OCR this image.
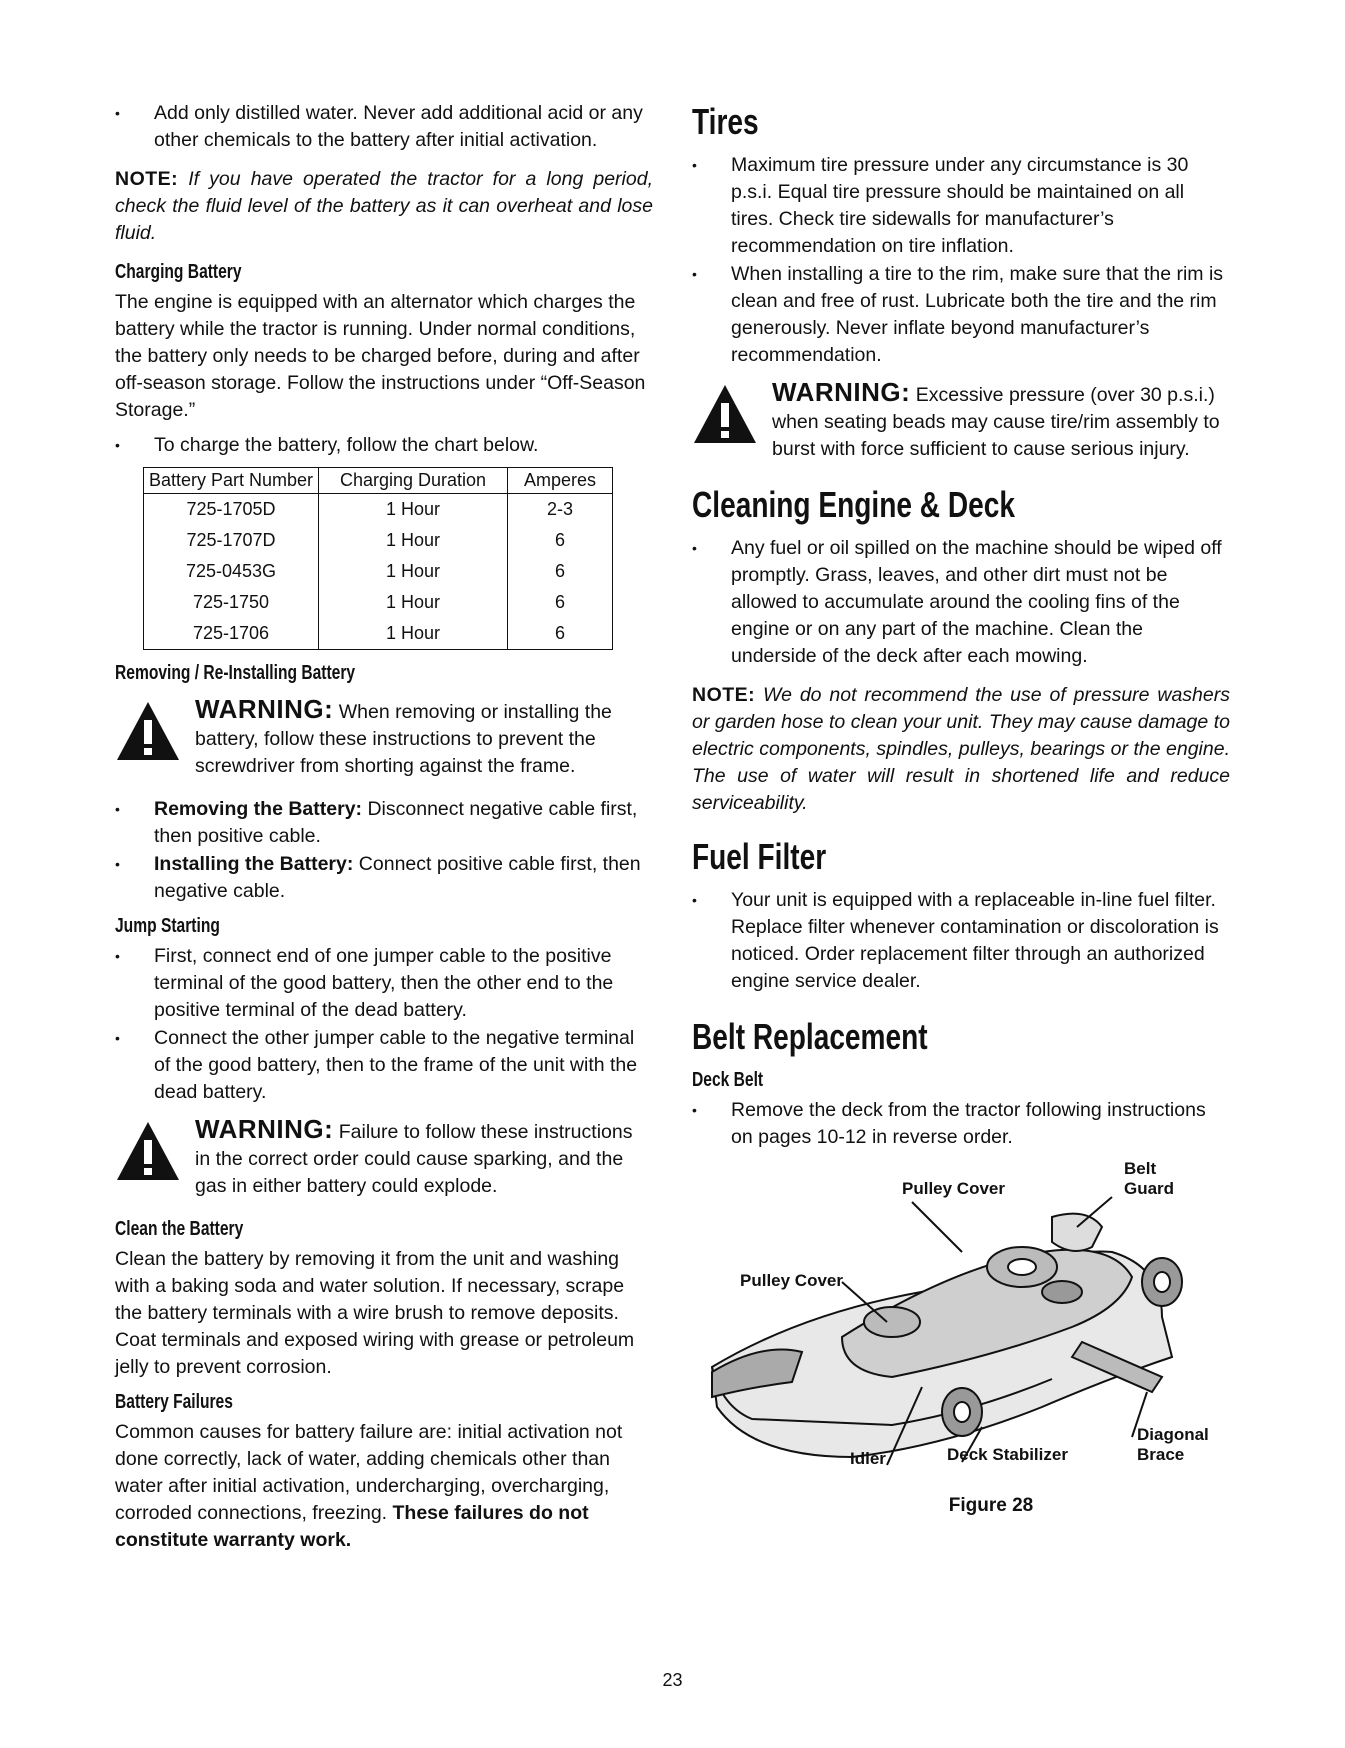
• Add only distilled water. Never add additional acid or any other chemicals to the battery after initial activation.

NOTE: If you have operated the tractor for a long period, check the fluid level of the battery as it can overheat and lose fluid.

Charging Battery

The engine is equipped with an alternator which charges the battery while the tractor is running. Under normal conditions, the battery only needs to be charged before, during and after off-season storage. Follow the instructions under “Off-Season Storage.”

• To charge the battery, follow the chart below.
Battery Part Number	Charging Duration	Amperes
725-1705D	1 Hour	2-3
725-1707D	1 Hour	6
725-0453G	1 Hour	6
725-1750	1 Hour	6
725-1706	1 Hour	6
Removing / Re-Installing Battery

WARNING: When removing or installing the battery, follow these instructions to prevent the screwdriver from shorting against the frame.

• Removing the Battery: Disconnect negative cable first, then positive cable.
• Installing the Battery: Connect positive cable first, then negative cable.
Jump Starting
• First, connect end of one jumper cable to the positive terminal of the good battery, then the other end to the positive terminal of the dead battery.
• Connect the other jumper cable to the negative terminal of the good battery, then to the frame of the unit with the dead battery.

WARNING: Failure to follow these instructions in the correct order could cause sparking, and the gas in either battery could explode.

Clean the Battery

Clean the battery by removing it from the unit and washing with a baking soda and water solution. If necessary, scrape the battery terminals with a wire brush to remove deposits. Coat terminals and exposed wiring with grease or petroleum jelly to prevent corrosion.

Battery Failures

Common causes for battery failure are: initial activation not done correctly, lack of water, adding chemicals other than water after initial activation, undercharging, overcharging, corroded connections, freezing. These failures do not constitute warranty work.

Tires
• Maximum tire pressure under any circumstance is 30 p.s.i. Equal tire pressure should be maintained on all tires. Check tire sidewalls for manufacturer’s recommendation on tire inflation.
• When installing a tire to the rim, make sure that the rim is clean and free of rust. Lubricate both the tire and the rim generously. Never inflate beyond manufacturer’s recommendation.

WARNING: Excessive pressure (over 30 p.s.i.) when seating beads may cause tire/rim assembly to burst with force sufficient to cause serious injury.

Cleaning Engine & Deck
• Any fuel or oil spilled on the machine should be wiped off promptly. Grass, leaves, and other dirt must not be allowed to accumulate around the cooling fins of the engine or on any part of the machine. Clean the underside of the deck after each mowing.

NOTE: We do not recommend the use of pressure washers or garden hose to clean your unit. They may cause damage to electric components, spindles, pulleys, bearings or the engine. The use of water will result in shortened life and reduce serviceability.

Fuel Filter
• Your unit is equipped with a replaceable in-line fuel filter. Replace filter whenever contamination or discoloration is noticed. Order replacement filter through an authorized engine service dealer.
Belt Replacement
Deck Belt
• Remove the deck from the tractor following instructions on pages 10-12 in reverse order.
Pulley Cover
Belt
Guard
Pulley Cover
Idler	Deck Stabilizer
Diagonal
Brace
Figure 28
23
